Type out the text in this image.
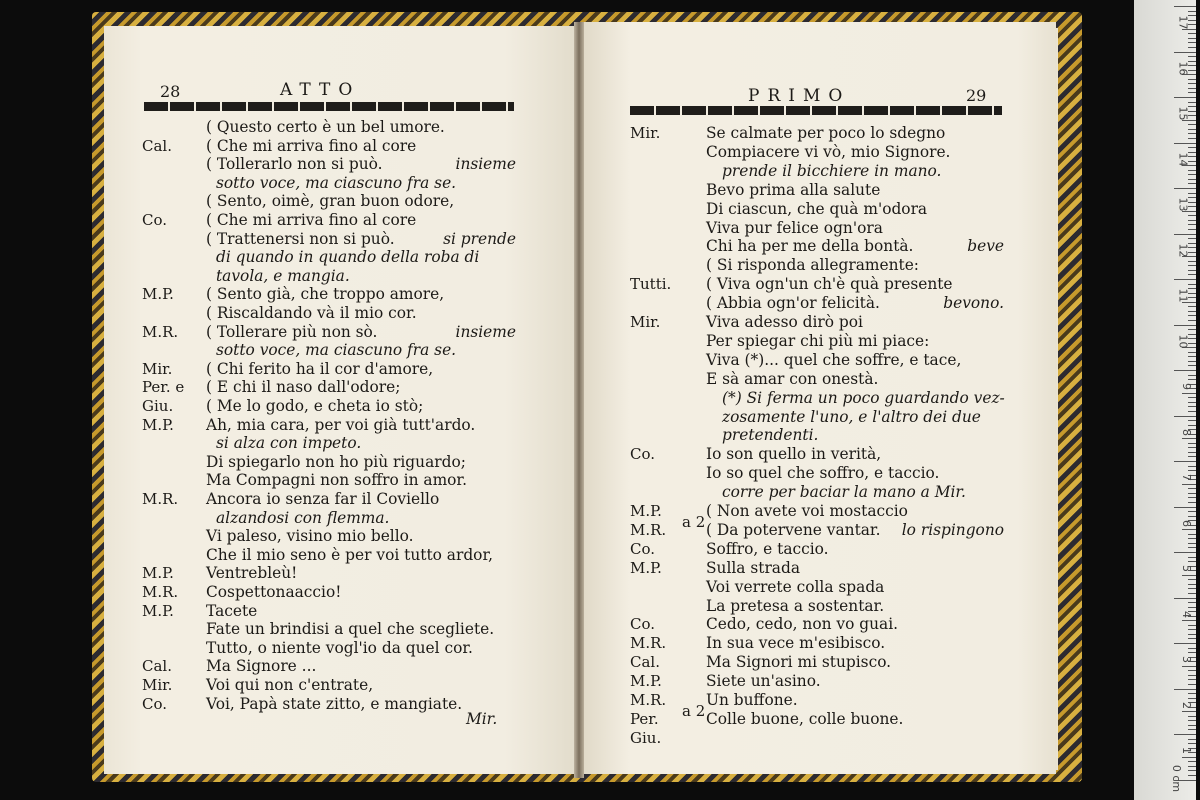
28	ATTO
( Questo certo è un bel umore.
Cal. ( Che mi arriva fino al core
( Tollerarlo non si può.	insieme
sotto voce, ma ciascuno fra se.
( Sento, oimè, gran buon odore,
Co.	( Che mi arriva fino al core
( Trattenersi non si può.	si prende
di quando in quando della roba di
tavola, e mangia.
M.P. ( Sento già, che troppo amore,
( Riscaldando và il mio cor.
M.R. ( Tollerare più non sò.	insieme
sotto voce, ma ciascuno fra se.
Mir. ( Chi ferito ha il cor d'amore,
Per. e ( E chi il naso dall'odore;
Giu. ( Me lo godo, e cheta io stò;
M.P. Ah, mia cara, per voi già tutt'ardo.
si alza con impeto.
Di spiegarlo non ho più riguardo;
Ma Compagni non soffro in amor.
M.R. Ancora io senza far il Coviello
alzandosi con flemma.
Vi paleso, visino mio bello.
Che il mio seno è per voi tutto ardor,
M.P. Ventrebleù!
M.R. Cospettonaaccio!
M.P. Tacete
Fate un brindisi a quel che scegliete.
Tutto, o niente vogl'io da quel cor.
Cal. Ma Signore ...
Mir. Voi qui non c'entrate,
Co.	Voi, Papà state zitto, e mangiate.
Mir.
PRIMO	29
Mir.	Se calmate per poco lo sdegno
Compiacere vi vò, mio Signore.
prende il bicchiere in mano.
Bevo prima alla salute
Di ciascun, che quà m'odora
Viva pur felice ogn'ora
Chi ha per me della bontà.	beve
( Si risponda allegramente:
Tutti. ( Viva ogn'un ch'è quà presente
( Abbia ogn'or felicità.	bevono.
Mir.	Viva adesso dirò poi
Per spiegar chi più mi piace:
Viva (*)... quel che soffre, e tace,
E sà amar con onestà.
(*) Si ferma un poco guardando vez-
zosamente l'uno, e l'altro dei due
pretendenti.
Co.	Io son quello in verità,
Io so quel che soffro, e taccio.
corre per baciar la mano a Mir.
M.P.	( Non avete voi mostaccio
M.R. a 2 ( Da potervene vantar. lo rispingono
Co.	Soffro, e taccio.
M.P.	Sulla strada
Voi verrete colla spada
La pretesa a sostentar.
Co.	Cedo, cedo, non vo guai.
M.R.	In sua vece m'esibisco.
Cal.	Ma Signori mi stupisco.
M.P.	Siete un'asino.
M.R.	Un buffone.
Per. a 2 Colle buone, colle buone.
Giu.
17
16
15
14
13
12
11
10
9
8
7
6
5
4
3
2
1
0 cm
